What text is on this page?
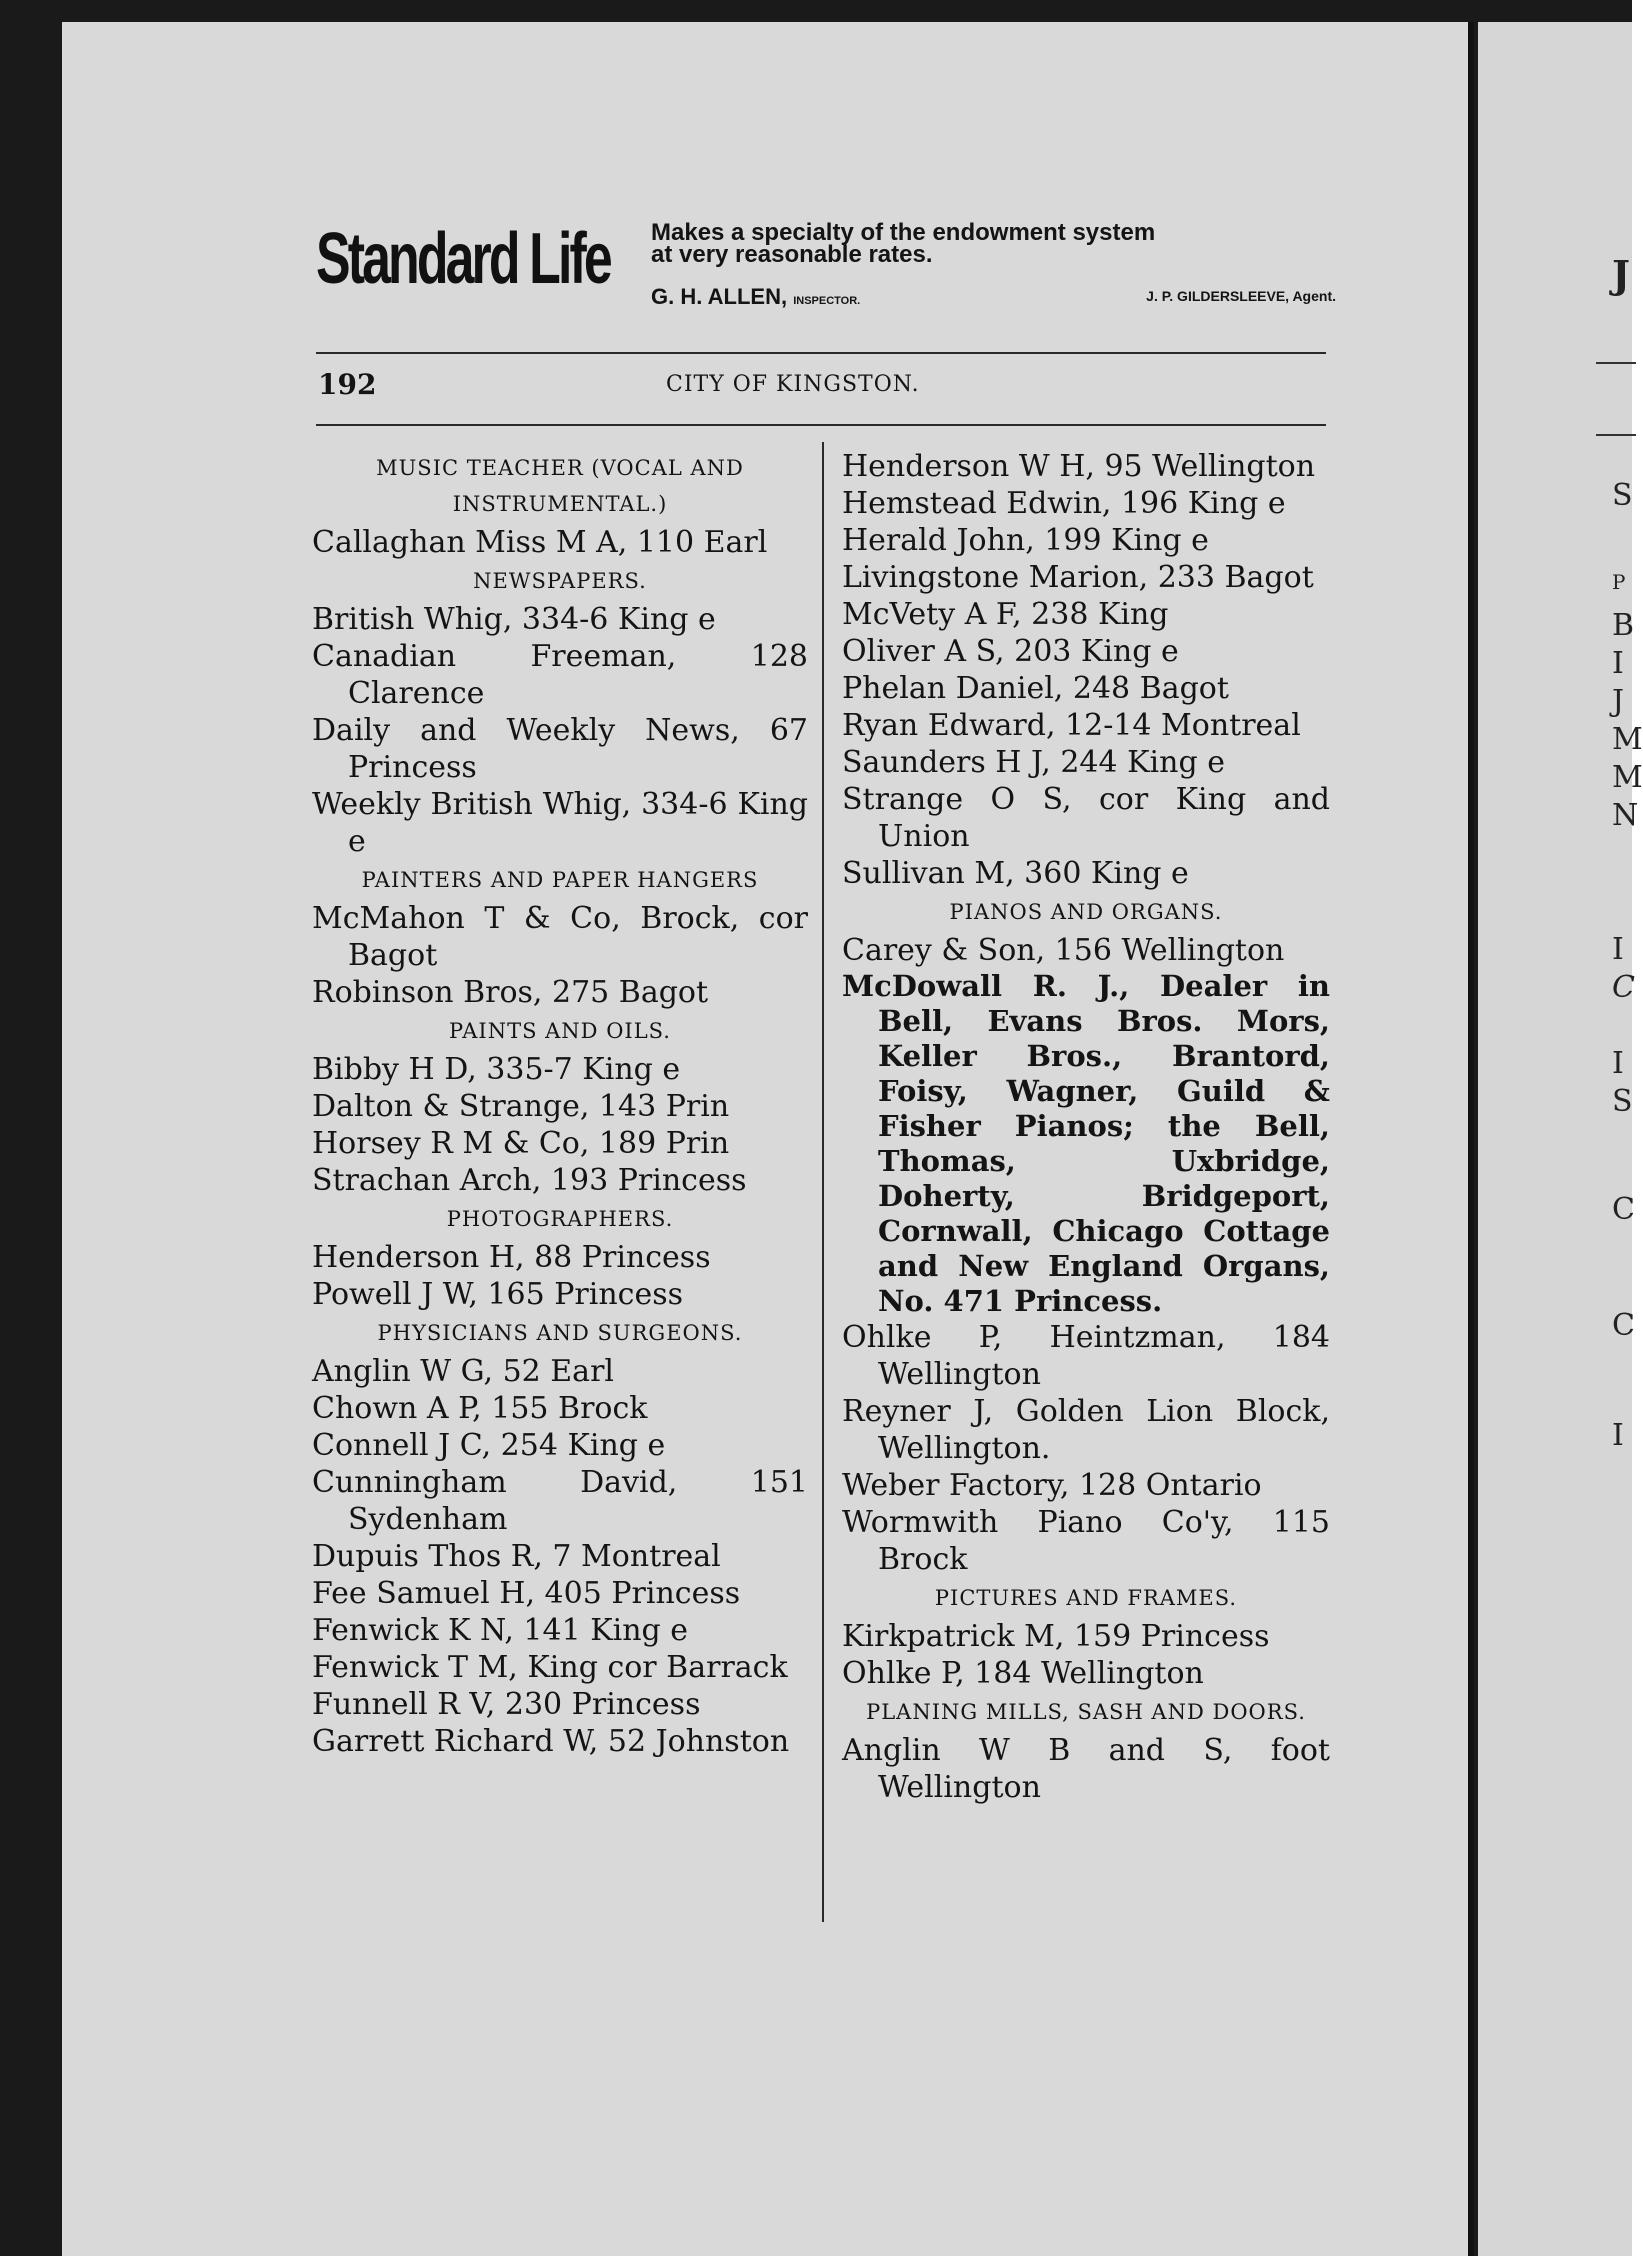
J
S
P
B
I
J
M
M
N
I
C
I
S
C
C
I
Standard Life Makes a specialty of the endowment system
at very reasonable rates.
G. H. ALLEN, INSPECTOR.	J. P. GILDERSLEEVE, Agent.
192	CITY OF KINGSTON.
MUSIC TEACHER (VOCAL AND INSTRUMENTAL.)
Callaghan Miss M A, 110 Earl
NEWSPAPERS.
British Whig, 334-6 King e
Canadian Freeman, 128 Clarence
Daily and Weekly News, 67 Princess
Weekly British Whig, 334-6 King e
PAINTERS AND PAPER HANGERS
McMahon T & Co, Brock, cor Bagot
Robinson Bros, 275 Bagot
PAINTS AND OILS.
Bibby H D, 335-7 King e
Dalton & Strange, 143 Prin
Horsey R M & Co, 189 Prin
Strachan Arch, 193 Princess
PHOTOGRAPHERS.
Henderson H, 88 Princess
Powell J W, 165 Princess
PHYSICIANS AND SURGEONS.
Anglin W G, 52 Earl
Chown A P, 155 Brock
Connell J C, 254 King e
Cunningham David, 151 Sydenham
Dupuis Thos R, 7 Montreal
Fee Samuel H, 405 Princess
Fenwick K N, 141 King e
Fenwick T M, King cor Barrack
Funnell R V, 230 Princess
Garrett Richard W, 52 Johnston
Henderson W H, 95 Wellington
Hemstead Edwin, 196 King e
Herald John, 199 King e
Livingstone Marion, 233 Bagot
McVety A F, 238 King
Oliver A S, 203 King e
Phelan Daniel, 248 Bagot
Ryan Edward, 12-14 Montreal
Saunders H J, 244 King e
Strange O S, cor King and Union
Sullivan M, 360 King e
PIANOS AND ORGANS.
Carey & Son, 156 Wellington
McDowall R. J., Dealer in Bell, Evans Bros. Mors, Keller Bros., Brantord, Foisy, Wagner, Guild & Fisher Pianos; the Bell, Thomas, Uxbridge, Doherty, Bridgeport, Cornwall, Chicago Cottage and New England Organs, No. 471 Princess.
Ohlke P, Heintzman, 184 Wellington
Reyner J, Golden Lion Block, Wellington.
Weber Factory, 128 Ontario
Wormwith Piano Co'y, 115 Brock
PICTURES AND FRAMES.
Kirkpatrick M, 159 Princess
Ohlke P, 184 Wellington
PLANING MILLS, SASH AND DOORS.
Anglin W B and S, foot Wellington
